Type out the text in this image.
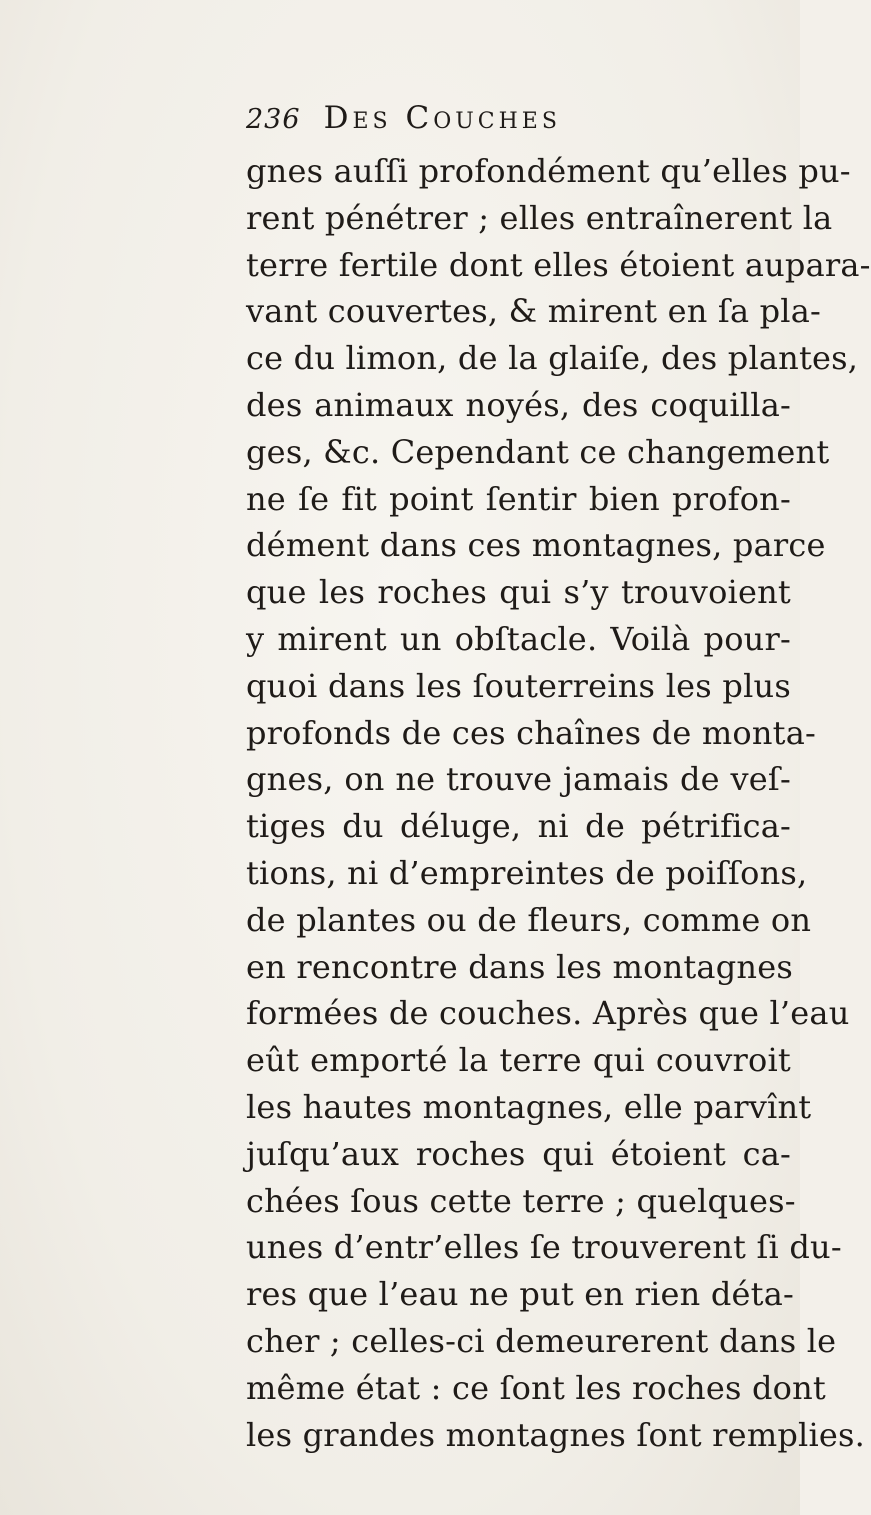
236 Des Couches
gnes auſſi profondément qu’elles pu-
rent pénétrer ; elles entraînerent la
terre fertile dont elles étoient aupara-
vant couvertes, & mirent en ſa pla-
ce du limon, de la glaiſe, des plantes,
des animaux noyés, des coquilla-
ges, &c. Cependant ce changement
ne ſe fit point ſentir bien profon-
dément dans ces montagnes, parce
que les roches qui s’y trouvoient
y mirent un obſtacle. Voilà pour-
quoi dans les ſouterreins les plus
profonds de ces chaînes de monta-
gnes, on ne trouve jamais de veſ-
tiges du déluge, ni de pétrifica-
tions, ni d’empreintes de poiſſons,
de plantes ou de fleurs, comme on
en rencontre dans les montagnes
formées de couches. Après que l’eau
eût emporté la terre qui couvroit
les hautes montagnes, elle parvînt
juſqu’aux roches qui étoient ca-
chées ſous cette terre ; quelques-
unes d’entr’elles ſe trouverent ſi du-
res que l’eau ne put en rien déta-
cher ; celles-ci demeurerent dans le
même état : ce ſont les roches dont
les grandes montagnes ſont remplies.
